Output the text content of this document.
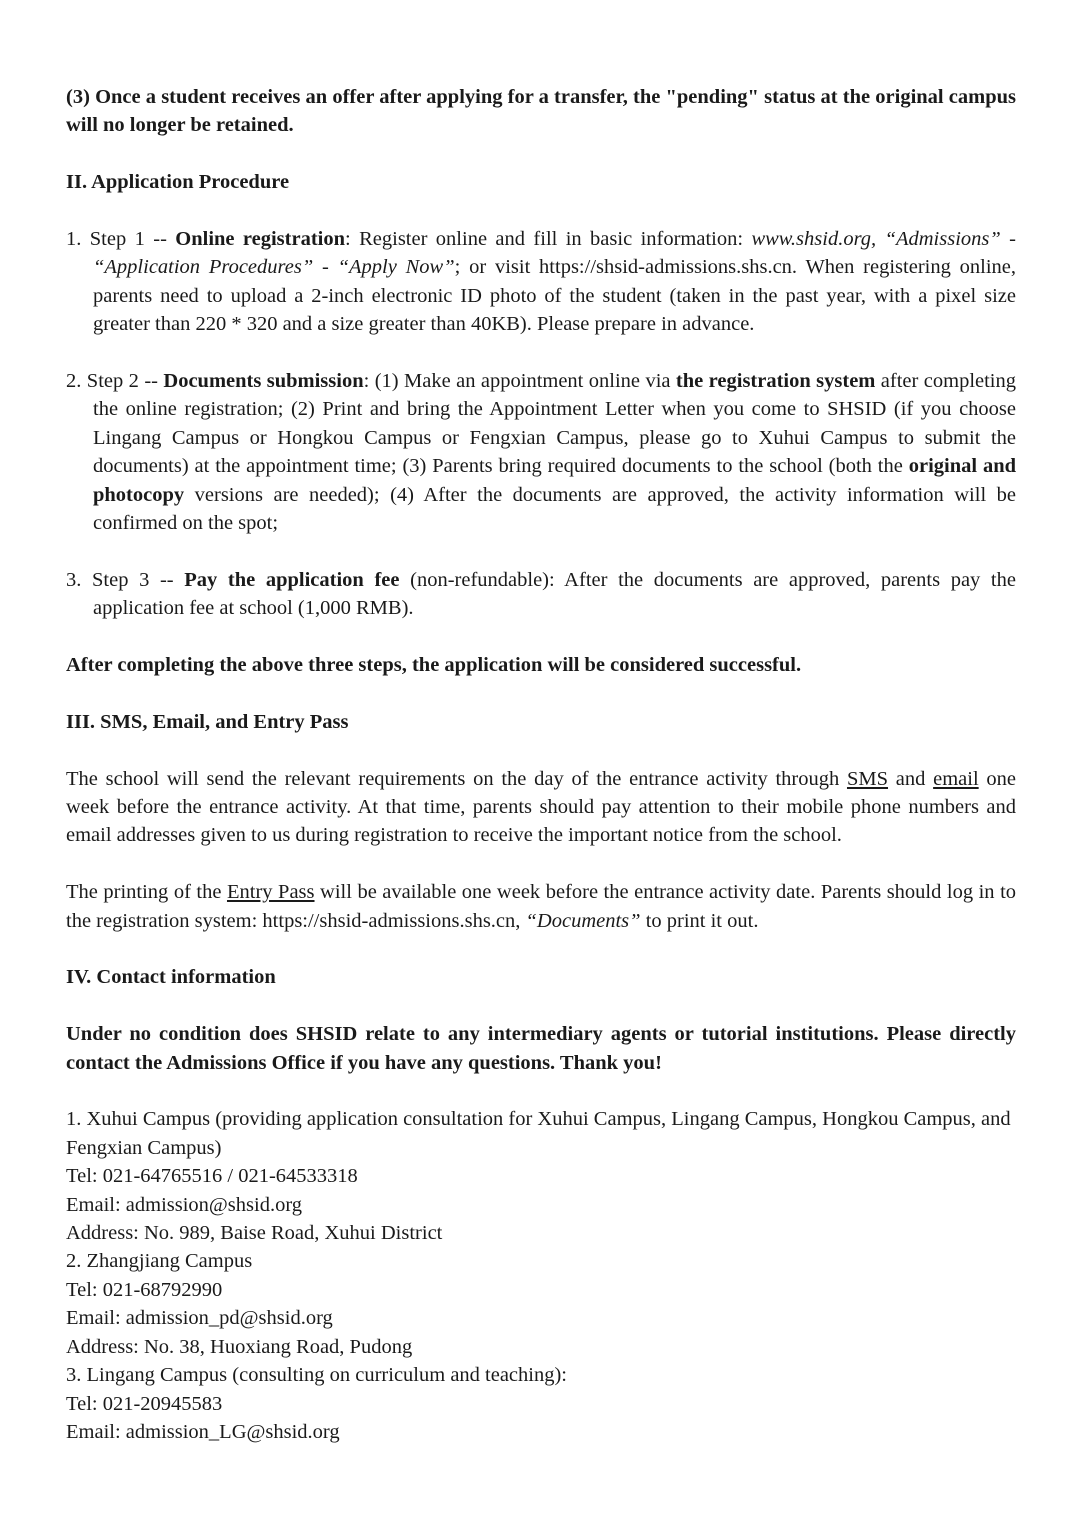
(3) Once a student receives an offer after applying for a transfer, the "pending" status at the original campus will no longer be retained.

II. Application Procedure

1. Step 1 -- Online registration: Register online and fill in basic information: www.shsid.org, “Admissions” - “Application Procedures” - “Apply Now”; or visit https://shsid-admissions.shs.cn. When registering online, parents need to upload a 2-inch electronic ID photo of the student (taken in the past year, with a pixel size greater than 220 * 320 and a size greater than 40KB). Please prepare in advance.

2. Step 2 -- Documents submission: (1) Make an appointment online via the registration system after completing the online registration; (2) Print and bring the Appointment Letter when you come to SHSID (if you choose Lingang Campus or Hongkou Campus or Fengxian Campus, please go to Xuhui Campus to submit the documents) at the appointment time; (3) Parents bring required documents to the school (both the original and photocopy versions are needed); (4) After the documents are approved, the activity information will be confirmed on the spot;

3. Step 3 -- Pay the application fee (non-refundable): After the documents are approved, parents pay the application fee at school (1,000 RMB).

After completing the above three steps, the application will be considered successful.

III. SMS, Email, and Entry Pass

The school will send the relevant requirements on the day of the entrance activity through SMS and email one week before the entrance activity. At that time, parents should pay attention to their mobile phone numbers and email addresses given to us during registration to receive the important notice from the school.

The printing of the Entry Pass will be available one week before the entrance activity date. Parents should log in to the registration system: https://shsid-admissions.shs.cn, “Documents” to print it out.

IV. Contact information

Under no condition does SHSID relate to any intermediary agents or tutorial institutions. Please directly contact the Admissions Office if you have any questions. Thank you!

1. Xuhui Campus (providing application consultation for Xuhui Campus, Lingang Campus, Hongkou Campus, and Fengxian Campus)

Tel: 021-64765516 / 021-64533318

Email: admission@shsid.org

Address: No. 989, Baise Road, Xuhui District

2. Zhangjiang Campus

Tel: 021-68792990

Email: admission_pd@shsid.org

Address: No. 38, Huoxiang Road, Pudong

3. Lingang Campus (consulting on curriculum and teaching):

Tel: 021-20945583

Email: admission_LG@shsid.org
